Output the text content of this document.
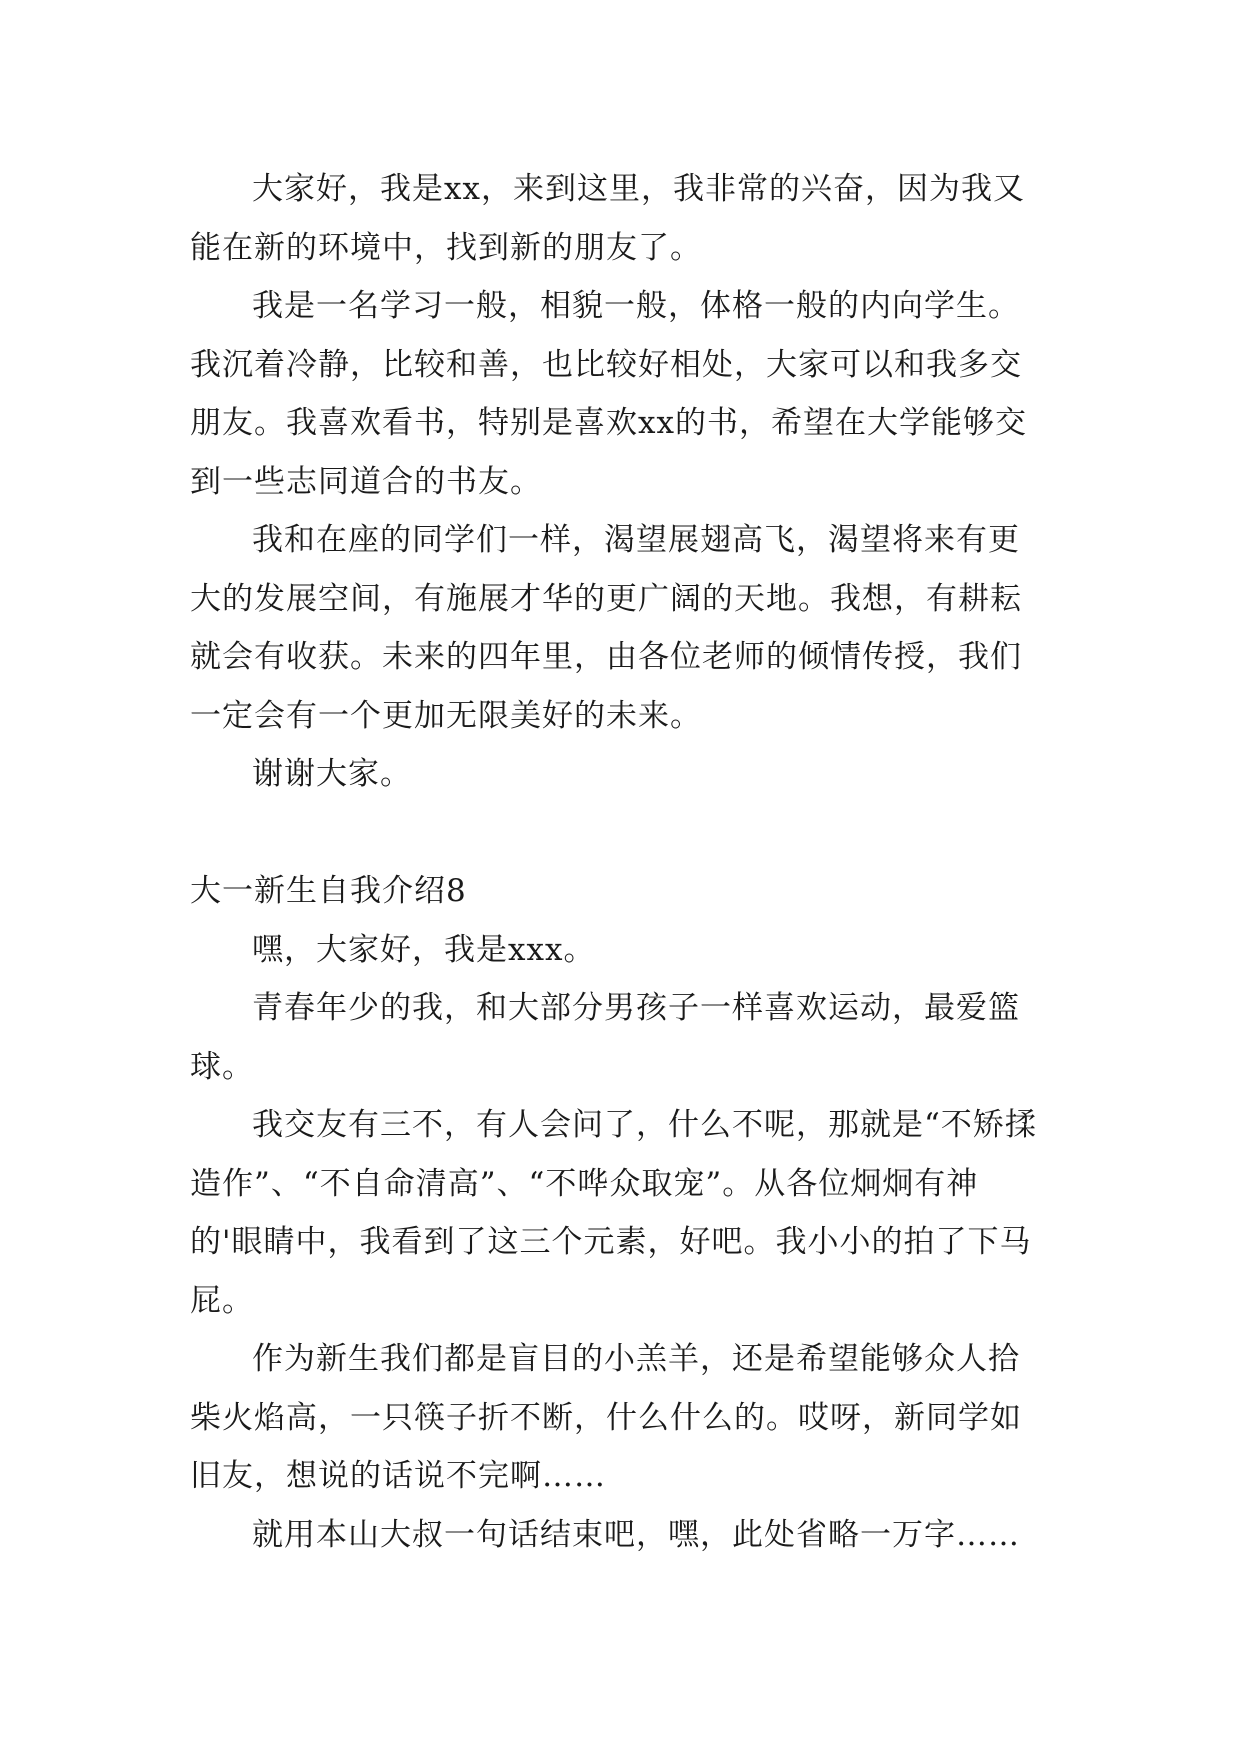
大家好，我是xx，来到这里，我非常的兴奋，因为我又能在新的环境中，找到新的朋友了。

我是一名学习一般，相貌一般，体格一般的内向学生。我沉着冷静，比较和善，也比较好相处，大家可以和我多交朋友。我喜欢看书，特别是喜欢xx的书，希望在大学能够交到一些志同道合的书友。

我和在座的同学们一样，渴望展翅高飞，渴望将来有更大的发展空间，有施展才华的更广阔的天地。我想，有耕耘就会有收获。未来的四年里，由各位老师的倾情传授，我们一定会有一个更加无限美好的未来。

谢谢大家。

大一新生自我介绍8

嘿，大家好，我是xxx。

青春年少的我，和大部分男孩子一样喜欢运动，最爱篮球。

我交友有三不，有人会问了，什么不呢，那就是“不矫揉造作”、“不自命清高”、“不哗众取宠”。从各位炯炯有神的'眼睛中，我看到了这三个元素，好吧。我小小的拍了下马屁。

作为新生我们都是盲目的小羔羊，还是希望能够众人拾柴火焰高，一只筷子折不断，什么什么的。哎呀，新同学如旧友，想说的话说不完啊……

就用本山大叔一句话结束吧，嘿，此处省略一万字……
